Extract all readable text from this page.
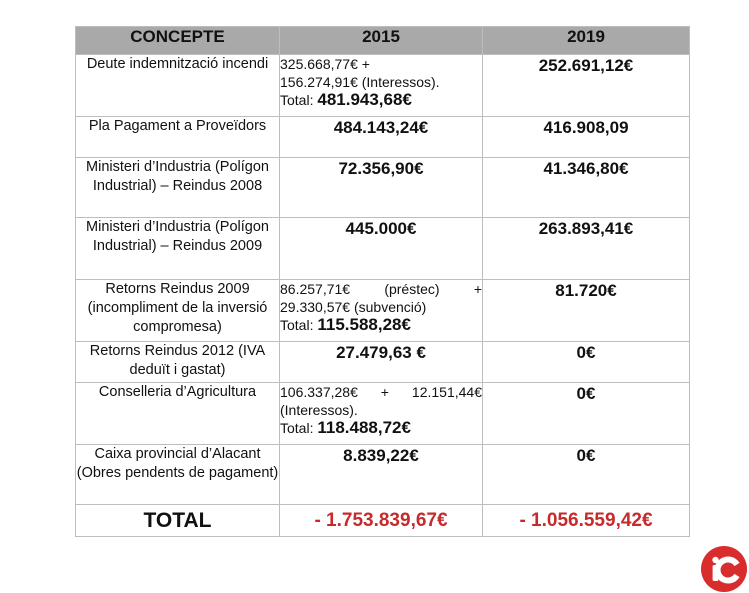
CONCEPTE	2015	2019
Deute indemnització incendi	325.668,77€ +
156.274,91€ (Interessos).
Total: 481.943,68€	252.691,12€

Pla Pagament a Proveïdors	484.143,24€	416.908,09

Ministeri d’Industria (Polígon Industrial) – Reindus 2008	72.356,90€	41.346,80€

Ministeri d’Industria (Polígon Industrial) – Reindus 2009	445.000€	263.893,41€

Retorns Reindus 2009 (incompliment de la inversió compromesa)	86.257,71€ (préstec) +
29.330,57€ (subvenció)
Total: 115.588,28€	81.720€

Retorns Reindus 2012 (IVA deduït i gastat)	27.479,63 €	0€

Conselleria d’Agricultura	106.337,28€ + 12.151,44€
(Interessos).
Total: 118.488,72€	0€

Caixa provincial d’Alacant (Obres pendents de pagament)	8.839,22€	0€

TOTAL	- 1.753.839,67€	- 1.056.559,42€
